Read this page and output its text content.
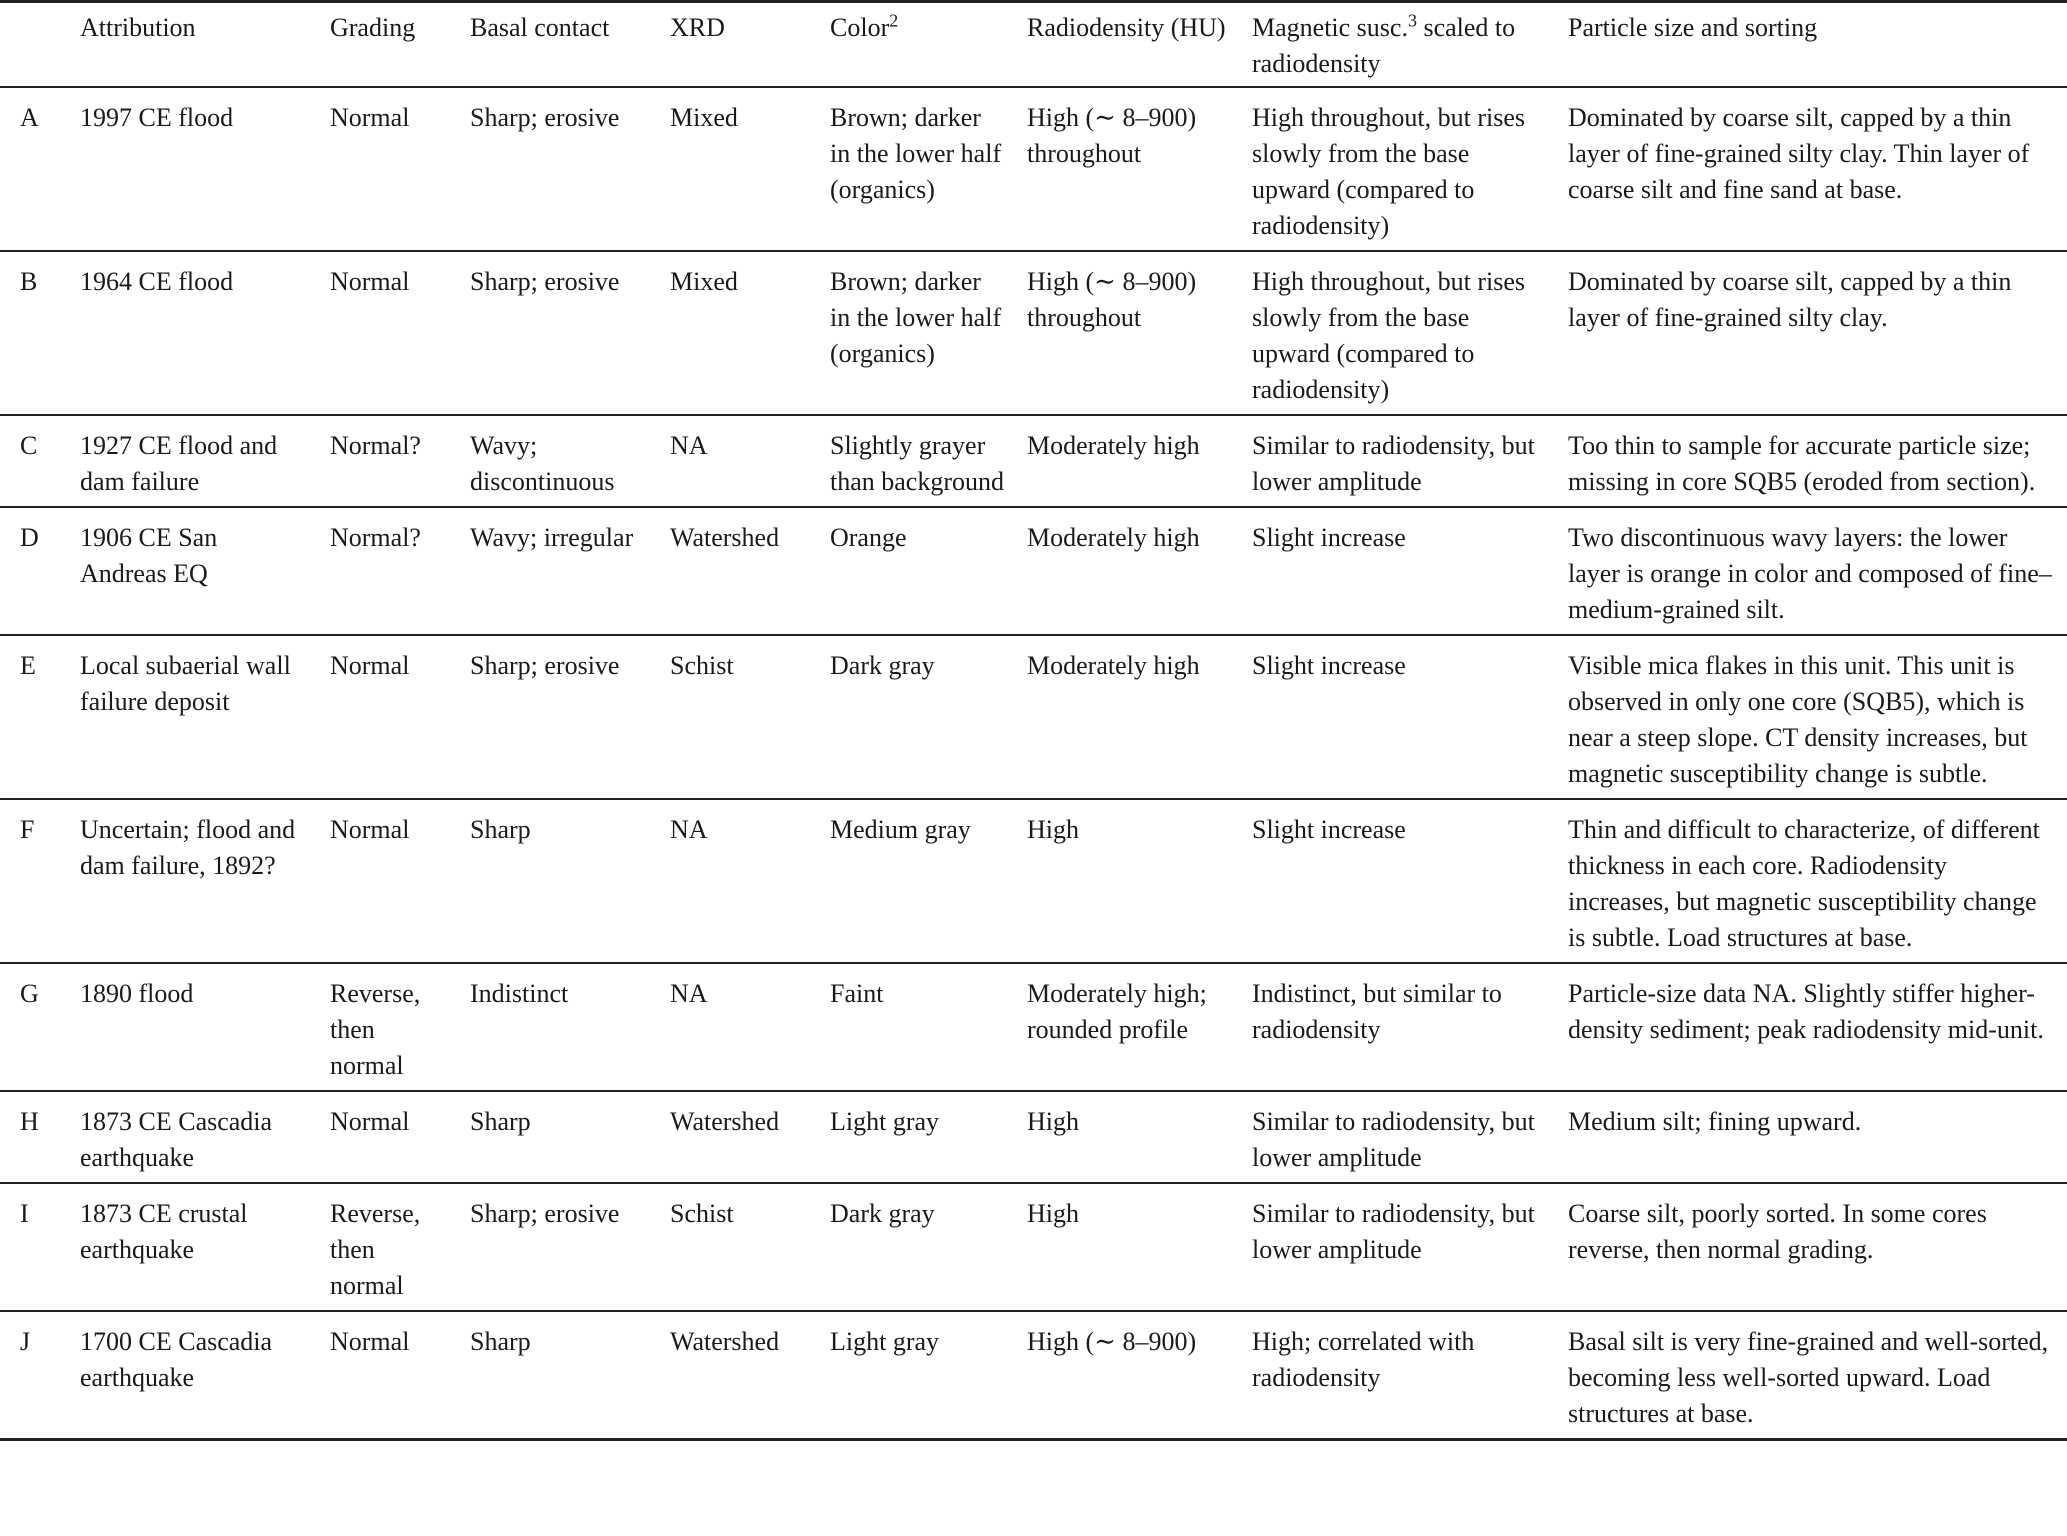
	Attribution	Grading	Basal contact	XRD	Color$^2$	Radiodensity (HU)	Magnetic susc.$^3$ scaled to radiodensity	Particle size and sorting
A	1997 CE flood	Normal	Sharp; erosive	Mixed	Brown; darker in the lower half (organics)	High (∼ 8–900) throughout	High throughout, but rises slowly from the base upward (compared to radiodensity)	Dominated by coarse silt, capped by a thin layer of fine-grained silty clay. Thin layer of coarse silt and fine sand at base.
B	1964 CE flood	Normal	Sharp; erosive	Mixed	Brown; darker in the lower half (organics)	High (∼ 8–900) throughout	High throughout, but rises slowly from the base upward (compared to radiodensity)	Dominated by coarse silt, capped by a thin layer of fine-grained silty clay.
C	1927 CE flood and dam failure	Normal?	Wavy; discontinuous	NA	Slightly grayer than background	Moderately high	Similar to radiodensity, but lower amplitude	Too thin to sample for accurate particle size; missing in core SQB5 (eroded from section).
D	1906 CE San Andreas EQ	Normal?	Wavy; irregular	Watershed	Orange	Moderately high	Slight increase	Two discontinuous wavy layers: the lower layer is orange in color and composed of fine–medium-grained silt.
E	Local subaerial wall failure deposit	Normal	Sharp; erosive	Schist	Dark gray	Moderately high	Slight increase	Visible mica flakes in this unit. This unit is observed in only one core (SQB5), which is near a steep slope. CT density increases, but magnetic susceptibility change is subtle.
F	Uncertain; flood and dam failure, 1892?	Normal	Sharp	NA	Medium gray	High	Slight increase	Thin and difficult to characterize, of different thickness in each core. Radiodensity increases, but magnetic susceptibility change is subtle. Load structures at base.
G	1890 flood	Reverse, then normal	Indistinct	NA	Faint	Moderately high; rounded profile	Indistinct, but similar to radiodensity	Particle-size data NA. Slightly stiffer higher-density sediment; peak radiodensity mid-unit.
H	1873 CE Cascadia earthquake	Normal	Sharp	Watershed	Light gray	High	Similar to radiodensity, but lower amplitude	Medium silt; fining upward.
I	1873 CE crustal earthquake	Reverse, then normal	Sharp; erosive	Schist	Dark gray	High	Similar to radiodensity, but lower amplitude	Coarse silt, poorly sorted. In some cores reverse, then normal grading.
J	1700 CE Cascadia earthquake	Normal	Sharp	Watershed	Light gray	High (∼ 8–900)	High; correlated with radiodensity	Basal silt is very fine-grained and well-sorted, becoming less well-sorted upward. Load structures at base.
